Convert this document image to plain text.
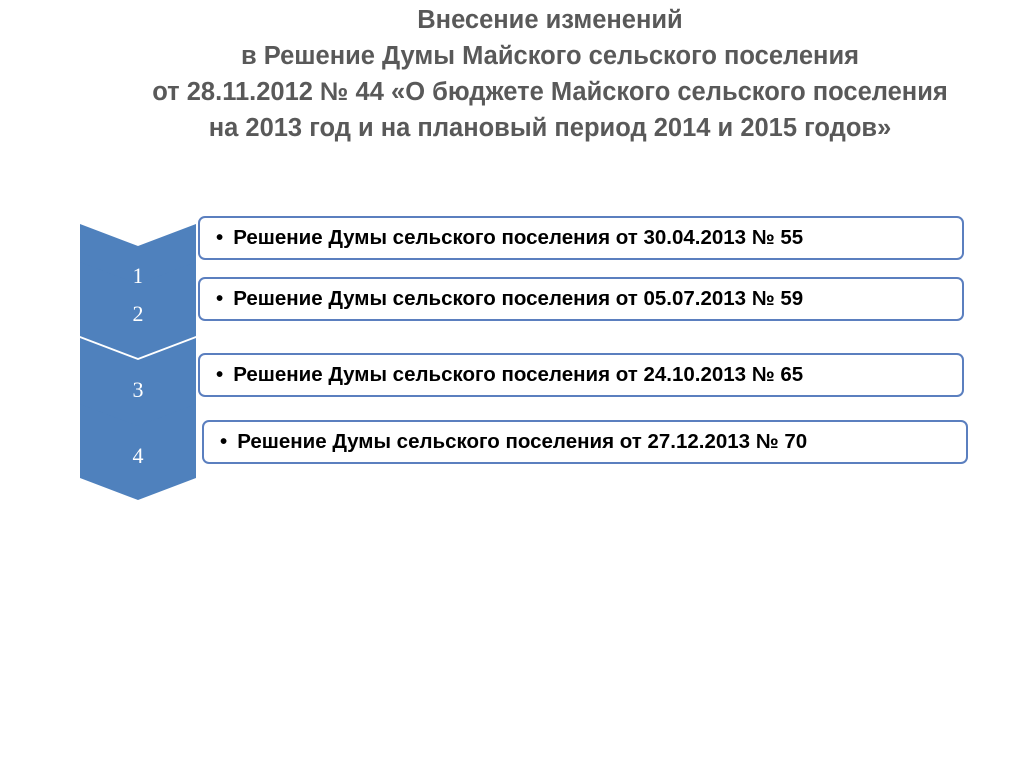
Внесение изменений
в Решение Думы Майского сельского поселения
от 28.11.2012 № 44 «О бюджете Майского сельского поселения
на 2013 год и на плановый период 2014 и 2015 годов»
1
• Решение Думы сельского поселения от 30.04.2013 № 55
2
• Решение Думы сельского поселения от 05.07.2013 № 59
3
• Решение Думы сельского поселения от 24.10.2013 № 65
4
• Решение Думы сельского поселения от 27.12.2013 № 70
